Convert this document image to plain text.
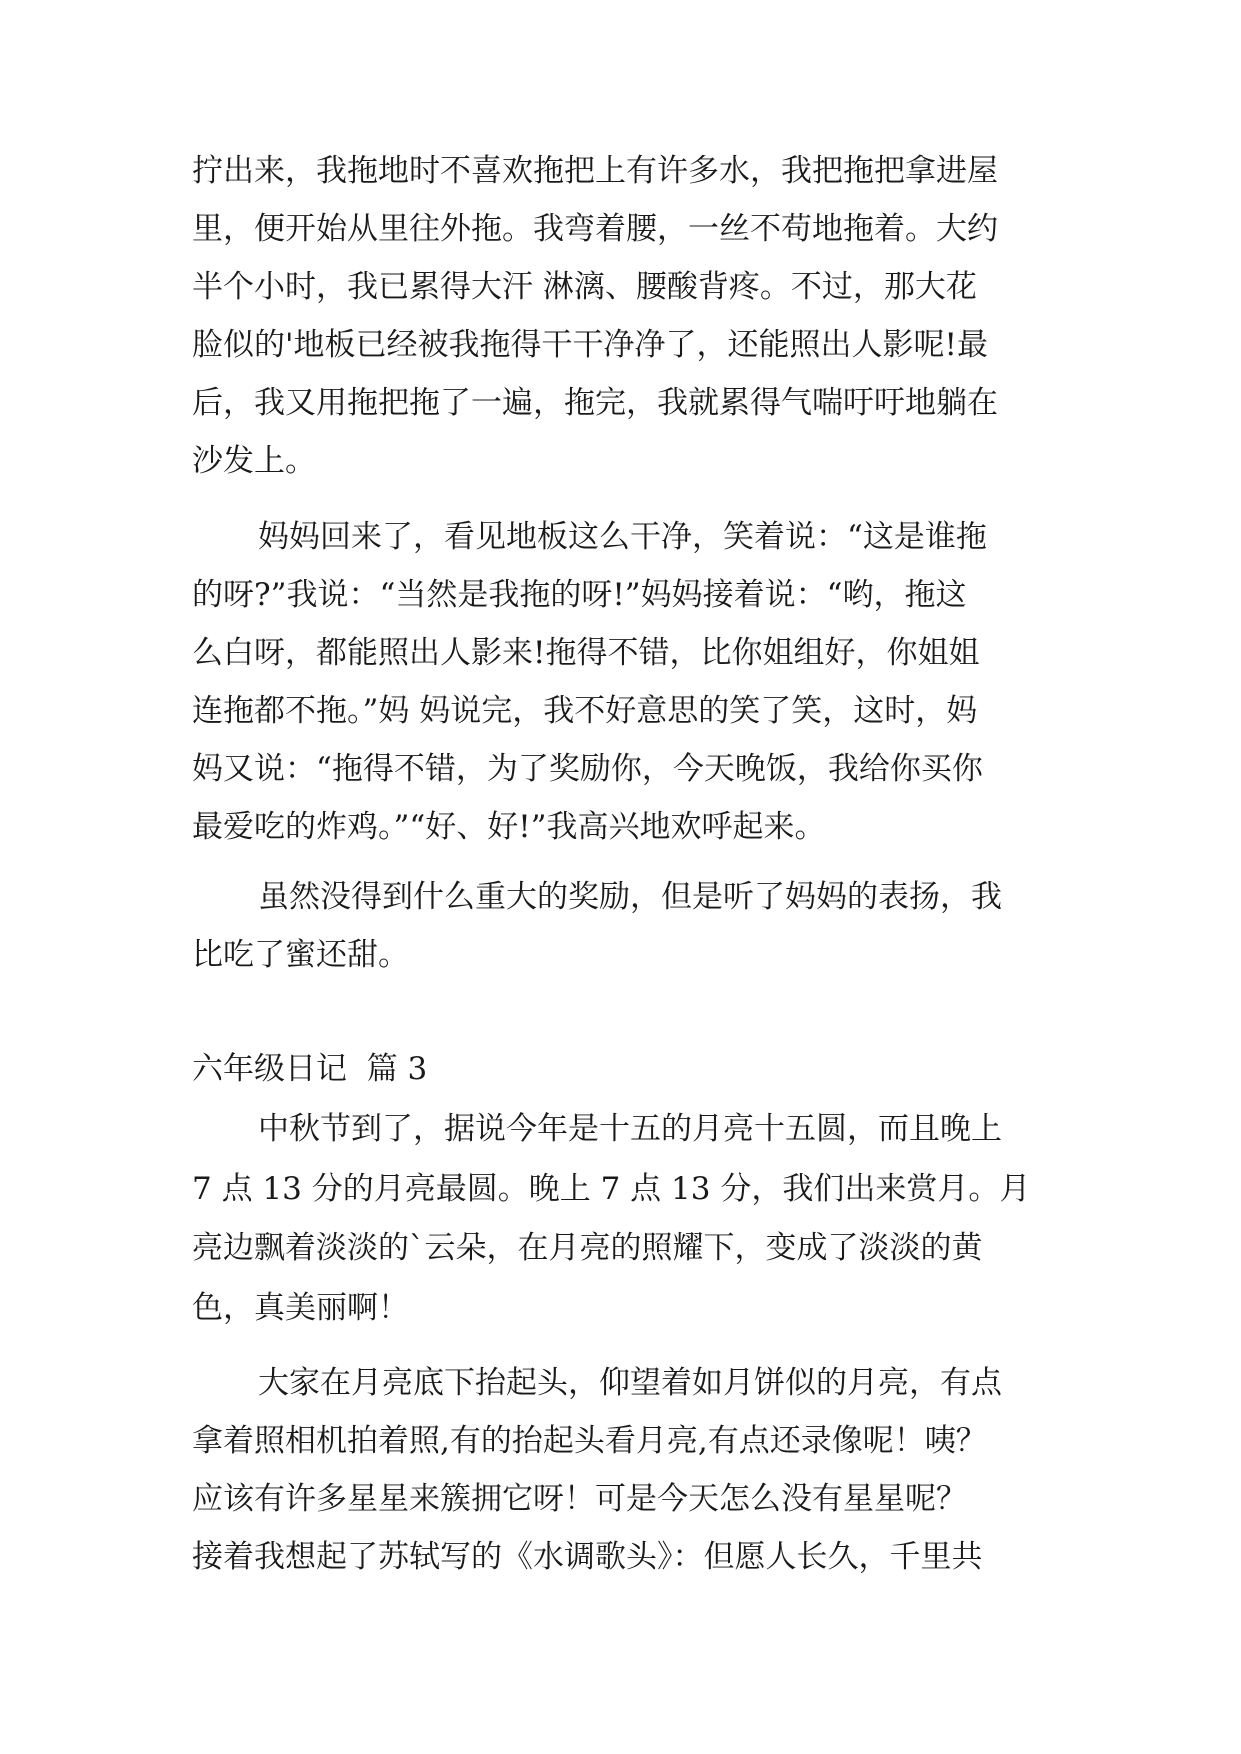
拧出来，我拖地时不喜欢拖把上有许多水，我把拖把拿进屋

里，便开始从里往外拖。我弯着腰，一丝不苟地拖着。大约

半个小时，我已累得大汗 淋漓、腰酸背疼。不过，那大花

脸似的'地板已经被我拖得干干净净了，还能照出人影呢!最

后，我又用拖把拖了一遍，拖完，我就累得气喘吁吁地躺在

沙发上。

妈妈回来了，看见地板这么干净，笑着说：“这是谁拖

的呀?”我说：“当然是我拖的呀!”妈妈接着说：“哟，拖这

么白呀，都能照出人影来!拖得不错，比你姐组好，你姐姐

连拖都不拖。”妈 妈说完，我不好意思的笑了笑，这时，妈

妈又说：“拖得不错，为了奖励你，今天晚饭，我给你买你

最爱吃的炸鸡。”“好、好!”我高兴地欢呼起来。

虽然没得到什么重大的奖励，但是听了妈妈的表扬，我

比吃了蜜还甜。

六年级日记  篇 3

中秋节到了，据说今年是十五的月亮十五圆，而且晚上

7 点 13 分的月亮最圆。晚上 7 点 13 分，我们出来赏月。月

亮边飘着淡淡的`云朵，在月亮的照耀下，变成了淡淡的黄

色，真美丽啊！

大家在月亮底下抬起头，仰望着如月饼似的月亮，有点

拿着照相机拍着照,有的抬起头看月亮,有点还录像呢！咦？

应该有许多星星来簇拥它呀！可是今天怎么没有星星呢？

接着我想起了苏轼写的《水调歌头》：但愿人长久，千里共
